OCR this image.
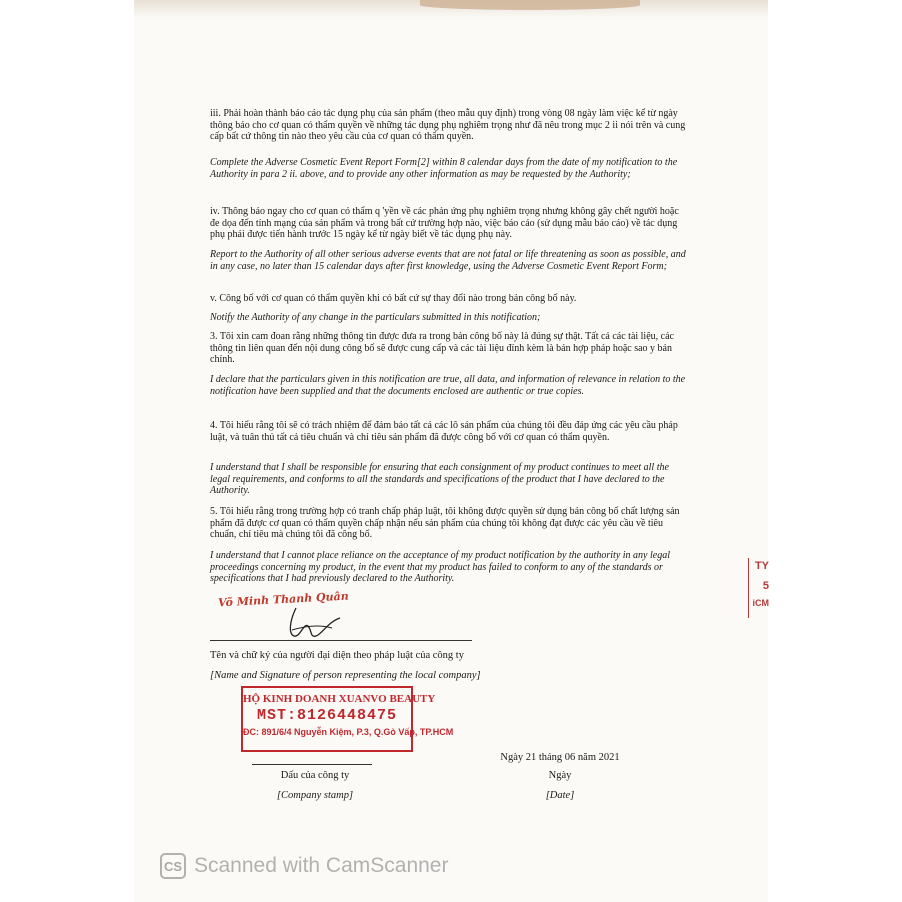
iii. Phải hoàn thành báo cáo tác dụng phụ của sản phẩm (theo mẫu quy định) trong vòng 08 ngày làm việc kể từ ngày thông báo cho cơ quan có thẩm quyền về những tác dụng phụ nghiêm trọng như đã nêu trong mục 2 ii nói trên và cung cấp bất cứ thông tin nào theo yêu cầu của cơ quan có thẩm quyền.
Complete the Adverse Cosmetic Event Report Form[2] within 8 calendar days from the date of my notification to the Authority in para 2 ii. above, and to provide any other information as may be requested by the Authority;
iv. Thông báo ngay cho cơ quan có thẩm q 'yền về các phản ứng phụ nghiêm trọng nhưng không gây chết người hoặc đe dọa đến tính mạng của sản phẩm và trong bất cứ trường hợp nào, việc báo cáo (sử dụng mẫu báo cáo) về tác dụng phụ phải được tiến hành trước 15 ngày kể từ ngày biết về tác dụng phụ này.
Report to the Authority of all other serious adverse events that are not fatal or life threatening as soon as possible, and in any case, no later than 15 calendar days after first knowledge, using the Adverse Cosmetic Event Report Form;
v. Công bố với cơ quan có thẩm quyền khi có bất cứ sự thay đổi nào trong bản công bố này.
Notify the Authority of any change in the particulars submitted in this notification;
3. Tôi xin cam đoan rằng những thông tin được đưa ra trong bản công bố này là đúng sự thật. Tất cả các tài liệu, các thông tin liên quan đến nội dung công bố sẽ được cung cấp và các tài liệu đính kèm là bản hợp pháp hoặc sao y bản chính.
I declare that the particulars given in this notification are true, all data, and information of relevance in relation to the notification have been supplied and that the documents enclosed are authentic or true copies.
4. Tôi hiểu rằng tôi sẽ có trách nhiệm để đảm bảo tất cả các lô sản phẩm của chúng tôi đều đáp ứng các yêu cầu pháp luật, và tuân thủ tất cả tiêu chuẩn và chỉ tiêu sản phẩm đã được công bố với cơ quan có thẩm quyền.
I understand that I shall be responsible for ensuring that each consignment of my product continues to meet all the legal requirements, and conforms to all the standards and specifications of the product that I have declared to the Authority.
5. Tôi hiểu rằng trong trường hợp có tranh chấp pháp luật, tôi không được quyền sử dụng bản công bố chất lượng sản phẩm đã được cơ quan có thẩm quyền chấp nhận nếu sản phẩm của chúng tôi không đạt được các yêu cầu về tiêu chuẩn, chỉ tiêu mà chúng tôi đã công bố.
I understand that I cannot place reliance on the acceptance of my product notification by the authority in any legal proceedings concerning my product, in the event that my product has failed to conform to any of the standards or specifications that I had previously declared to the Authority.
TY
5
iCM
Võ Minh Thanh Quân
Tên và chữ ký của người đại diện theo pháp luật của công ty
[Name and Signature of person representing the local company]
HỘ KINH DOANH XUANVO BEAUTY
MST:8126448475
ĐC: 891/6/4 Nguyễn Kiệm, P.3, Q.Gò Vấp, TP.HCM
Dấu của công ty
[Company stamp]
Ngày 21 tháng 06 năm 2021
Ngày
[Date]
CS Scanned with CamScanner
